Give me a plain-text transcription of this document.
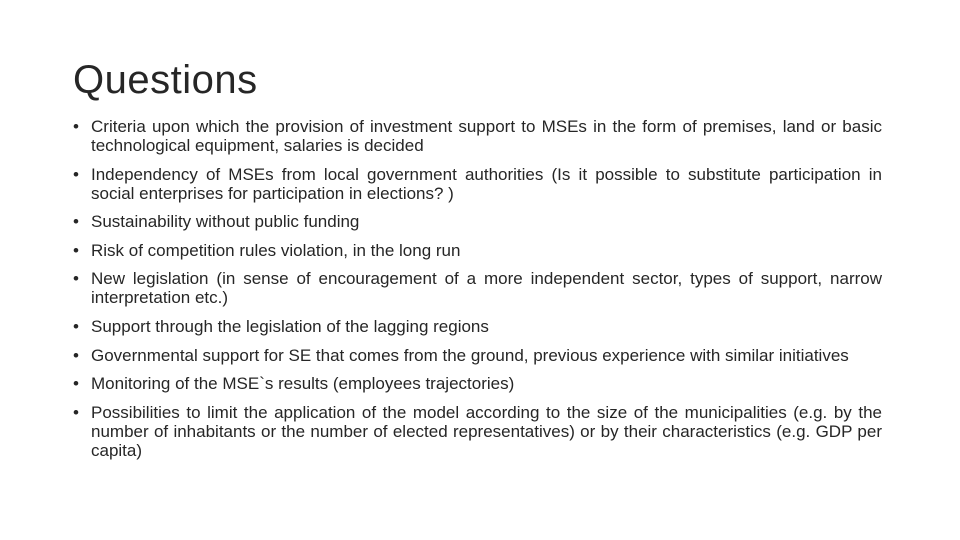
Questions
• Criteria upon which the provision of investment support to MSEs in the form of premises, land or basic technological equipment, salaries is decided
• Independency of MSEs from local government authorities (Is it possible to substitute participation in social enterprises for participation in elections? )
• Sustainability without public funding
• Risk of competition rules violation, in the long run
• New legislation (in sense of encouragement of a more independent sector, types of support, narrow interpretation etc.)
• Support through the legislation of the lagging regions
• Governmental support for SE that comes from the ground, previous experience with similar initiatives
• Monitoring of the MSE`s results (employees trajectories)
• Possibilities to limit the application of the model according to the size of the municipalities (e.g. by the number of inhabitants or the number of elected representatives) or by their characteristics (e.g. GDP per capita)
